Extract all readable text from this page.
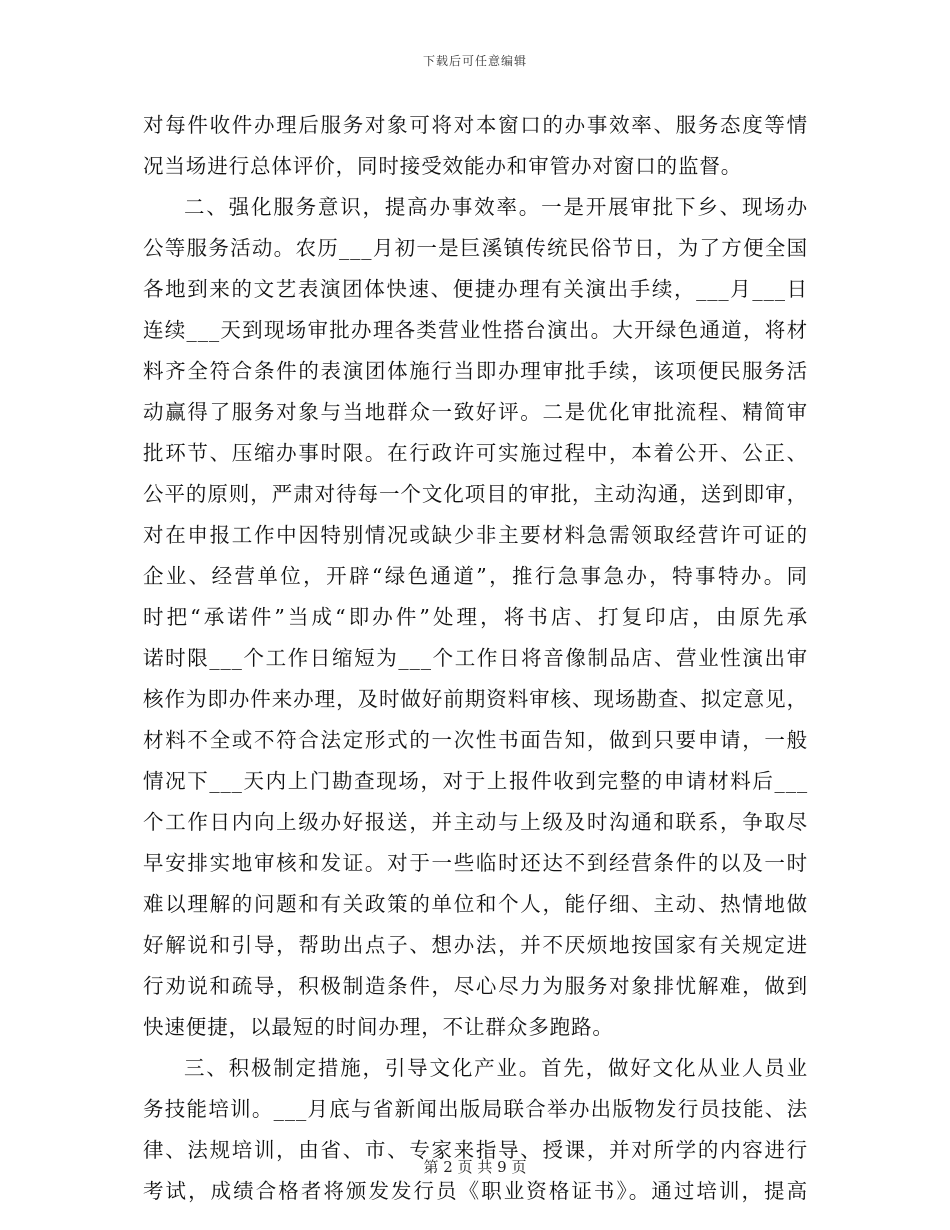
下载后可任意编辑
对每件收件办理后服务对象可将对本窗口的办事效率、服务态度等情
况当场进行总体评价，同时接受效能办和审管办对窗口的监督。
二、强化服务意识，提高办事效率。一是开展审批下乡、现场办
公等服务活动。农历___月初一是巨溪镇传统民俗节日，为了方便全国
各地到来的文艺表演团体快速、便捷办理有关演出手续，___月___日
连续___天到现场审批办理各类营业性搭台演出。大开绿色通道，将材
料齐全符合条件的表演团体施行当即办理审批手续，该项便民服务活
动赢得了服务对象与当地群众一致好评。二是优化审批流程、精简审
批环节、压缩办事时限。在行政许可实施过程中，本着公开、公正、
公平的原则，严肃对待每一个文化项目的审批，主动沟通，送到即审，
对在申报工作中因特别情况或缺少非主要材料急需领取经营许可证的
企业、经营单位，开辟“绿色通道”，推行急事急办，特事特办。同
时把“承诺件”当成“即办件”处理，将书店、打复印店，由原先承
诺时限___个工作日缩短为___个工作日将音像制品店、营业性演出审
核作为即办件来办理，及时做好前期资料审核、现场勘查、拟定意见，
材料不全或不符合法定形式的一次性书面告知，做到只要申请，一般
情况下___天内上门勘查现场，对于上报件收到完整的申请材料后___
个工作日内向上级办好报送，并主动与上级及时沟通和联系，争取尽
早安排实地审核和发证。对于一些临时还达不到经营条件的以及一时
难以理解的问题和有关政策的单位和个人，能仔细、主动、热情地做
好解说和引导，帮助出点子、想办法，并不厌烦地按国家有关规定进
行劝说和疏导，积极制造条件，尽心尽力为服务对象排忧解难，做到
快速便捷，以最短的时间办理，不让群众多跑路。
三、积极制定措施，引导文化产业。首先，做好文化从业人员业
务技能培训。___月底与省新闻出版局联合举办出版物发行员技能、法
律、法规培训，由省、市、专家来指导、授课，并对所学的内容进行
考试，成绩合格者将颁发发行员《职业资格证书》。通过培训，提高
第 2 页 共 9 页
